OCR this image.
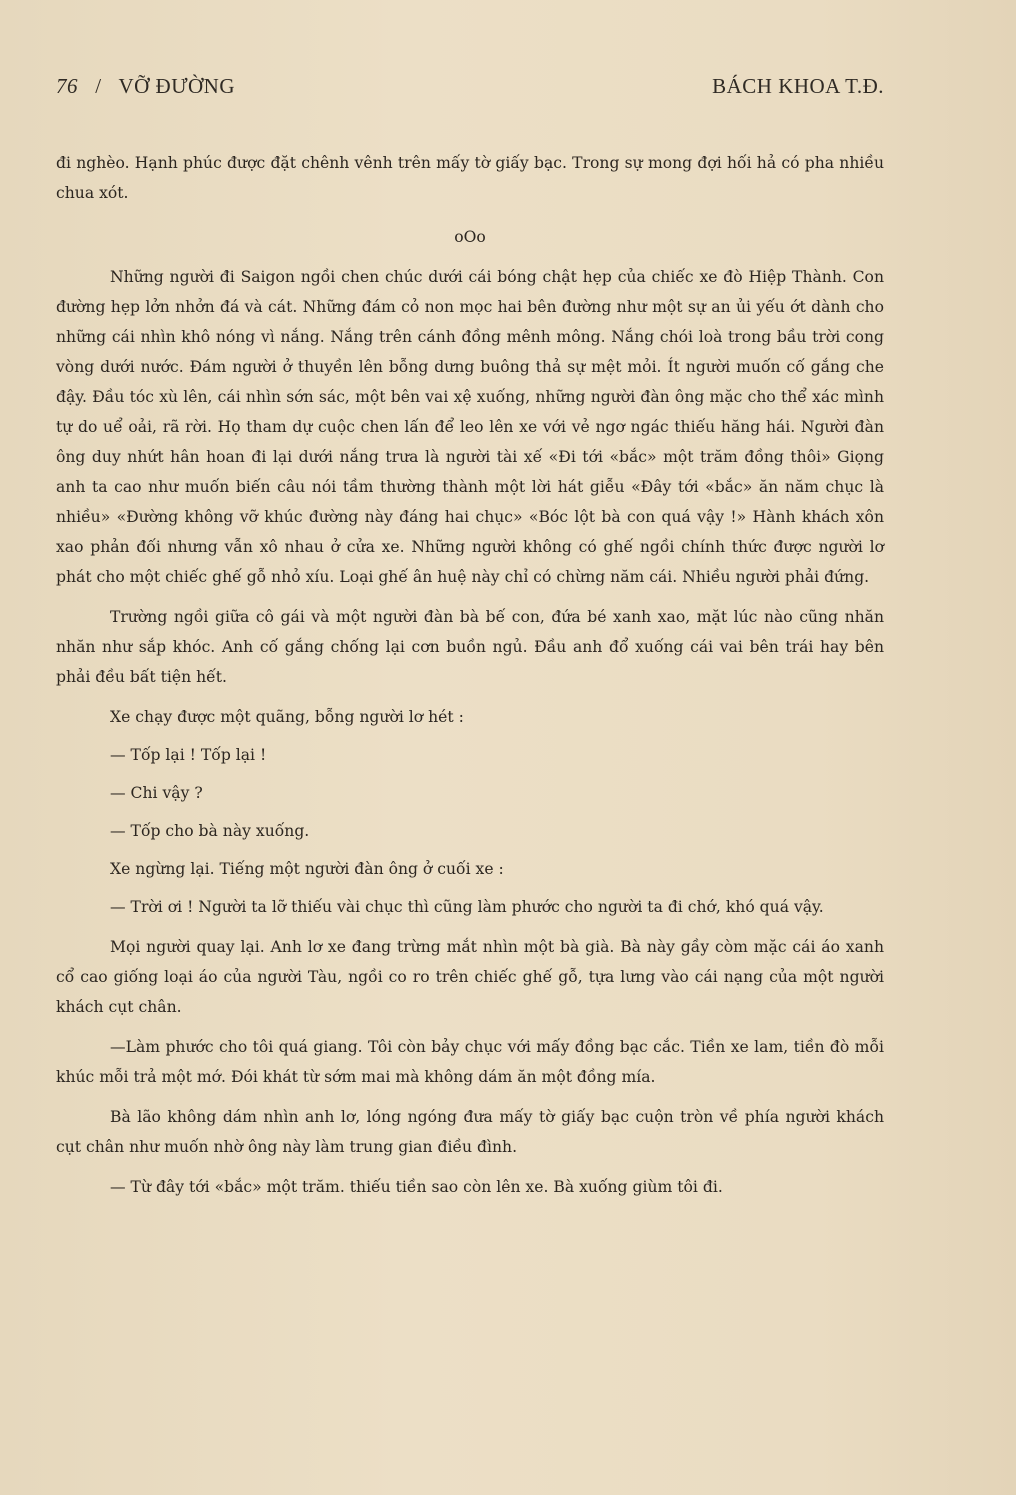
76 / VỠ ĐƯỜNG	BÁCH KHOA T.Đ.

đi nghèo. Hạnh phúc được đặt chênh vênh trên mấy tờ giấy bạc. Trong sự mong đợi hối hả có pha nhiều chua xót.

oOo

Những người đi Saigon ngồi chen chúc dưới cái bóng chật hẹp của chiếc xe đò Hiệp Thành. Con đường hẹp lởn nhởn đá và cát. Những đám cỏ non mọc hai bên đường như một sự an ủi yếu ớt dành cho những cái nhìn khô nóng vì nắng. Nắng trên cánh đồng mênh mông. Nắng chói loà trong bầu trời cong vòng dưới nước. Đám người ở thuyền lên bỗng dưng buông thả sự mệt mỏi. Ít người muốn cố gắng che đậy. Đầu tóc xù lên, cái nhìn sớn sác, một bên vai xệ xuống, những người đàn ông mặc cho thể xác mình tự do uể oải, rã rời. Họ tham dự cuộc chen lấn để leo lên xe với vẻ ngơ ngác thiếu hăng hái. Người đàn ông duy nhứt hân hoan đi lại dưới nắng trưa là người tài xế «Đi tới «bắc» một trăm đồng thôi» Giọng anh ta cao như muốn biến câu nói tầm thường thành một lời hát giễu «Đây tới «bắc» ăn năm chục là nhiều» «Đường không vỡ khúc đường này đáng hai chục» «Bóc lột bà con quá vậy !» Hành khách xôn xao phản đối nhưng vẫn xô nhau ở cửa xe. Những người không có ghế ngồi chính thức được người lơ phát cho một chiếc ghế gỗ nhỏ xíu. Loại ghế ân huệ này chỉ có chừng năm cái. Nhiều người phải đứng.

Trường ngồi giữa cô gái và một người đàn bà bế con, đứa bé xanh xao, mặt lúc nào cũng nhăn nhăn như sắp khóc. Anh cố gắng chống lại cơn buồn ngủ. Đầu anh đổ xuống cái vai bên trái hay bên phải đều bất tiện hết.

Xe chạy được một quãng, bỗng người lơ hét :

— Tốp lại ! Tốp lại !

— Chi vậy ?

— Tốp cho bà này xuống.

Xe ngừng lại. Tiếng một người đàn ông ở cuối xe :

— Trời ơi ! Người ta lỡ thiếu vài chục thì cũng làm phước cho người ta đi chớ, khó quá vậy.

Mọi người quay lại. Anh lơ xe đang trừng mắt nhìn một bà già. Bà này gầy còm mặc cái áo xanh cổ cao giống loại áo của người Tàu, ngồi co ro trên chiếc ghế gỗ, tựa lưng vào cái nạng của một người khách cụt chân.

—Làm phước cho tôi quá giang. Tôi còn bảy chục với mấy đồng bạc cắc. Tiền xe lam, tiền đò mỗi khúc mỗi trả một mớ. Đói khát từ sớm mai mà không dám ăn một đồng mía.

Bà lão không dám nhìn anh lơ, lóng ngóng đưa mấy tờ giấy bạc cuộn tròn về phía người khách cụt chân như muốn nhờ ông này làm trung gian điều đình.

— Từ đây tới «bắc» một trăm. thiếu tiền sao còn lên xe. Bà xuống giùm tôi đi.
